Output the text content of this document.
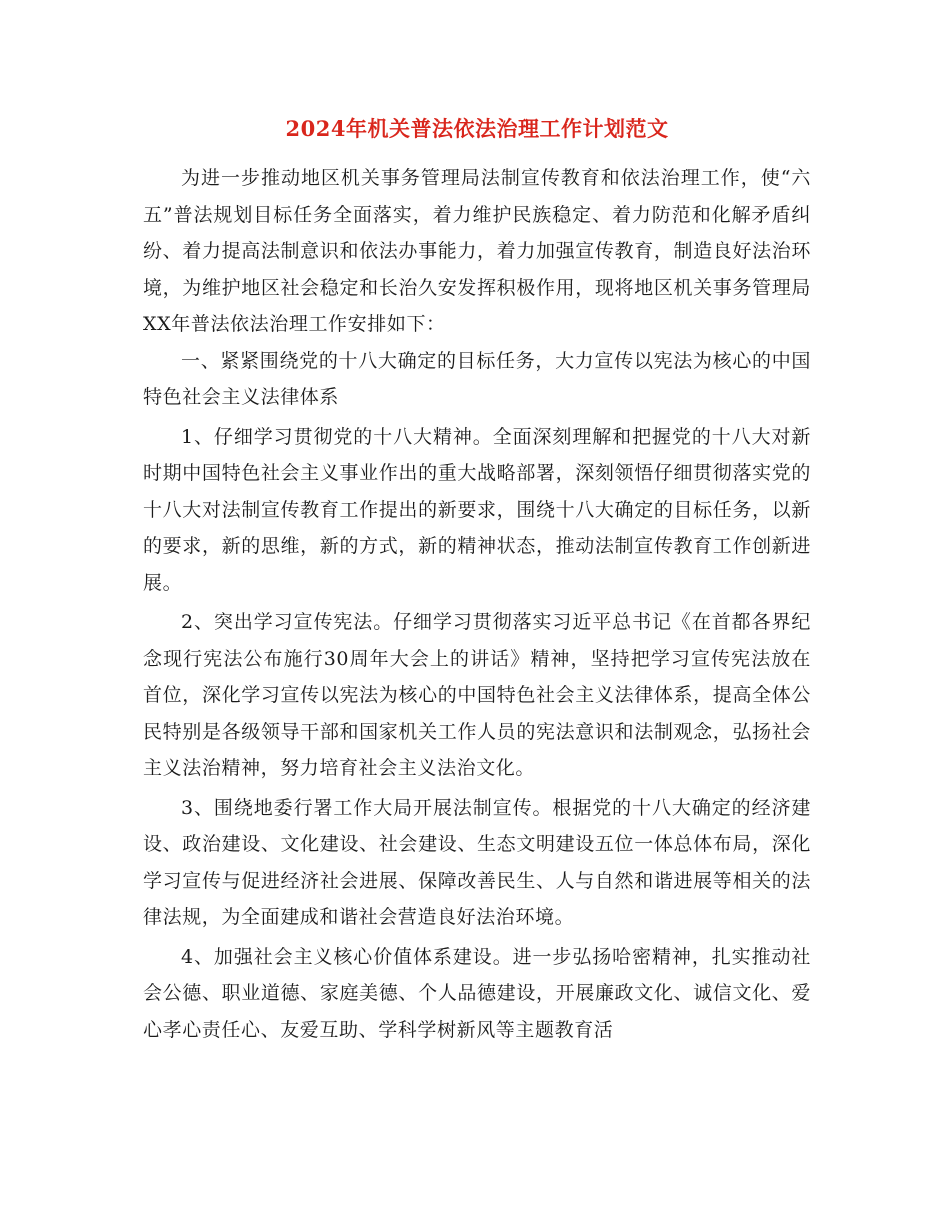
2024年机关普法依法治理工作计划范文

为进一步推动地区机关事务管理局法制宣传教育和依法治理工作，使“六五”普法规划目标任务全面落实，着力维护民族稳定、着力防范和化解矛盾纠纷、着力提高法制意识和依法办事能力，着力加强宣传教育，制造良好法治环境，为维护地区社会稳定和长治久安发挥积极作用，现将地区机关事务管理局XX年普法依法治理工作安排如下：

一、紧紧围绕党的十八大确定的目标任务，大力宣传以宪法为核心的中国特色社会主义法律体系

1、仔细学习贯彻党的十八大精神。全面深刻理解和把握党的十八大对新时期中国特色社会主义事业作出的重大战略部署，深刻领悟仔细贯彻落实党的十八大对法制宣传教育工作提出的新要求，围绕十八大确定的目标任务，以新的要求，新的思维，新的方式，新的精神状态，推动法制宣传教育工作创新进展。

2、突出学习宣传宪法。仔细学习贯彻落实习近平总书记《在首都各界纪念现行宪法公布施行30周年大会上的讲话》精神，坚持把学习宣传宪法放在首位，深化学习宣传以宪法为核心的中国特色社会主义法律体系，提高全体公民特别是各级领导干部和国家机关工作人员的宪法意识和法制观念，弘扬社会主义法治精神，努力培育社会主义法治文化。

3、围绕地委行署工作大局开展法制宣传。根据党的十八大确定的经济建设、政治建设、文化建设、社会建设、生态文明建设五位一体总体布局，深化学习宣传与促进经济社会进展、保障改善民生、人与自然和谐进展等相关的法律法规，为全面建成和谐社会营造良好法治环境。

4、加强社会主义核心价值体系建设。进一步弘扬哈密精神，扎实推动社会公德、职业道德、家庭美德、个人品德建设，开展廉政文化、诚信文化、爱心孝心责任心、友爱互助、学科学树新风等主题教育活
